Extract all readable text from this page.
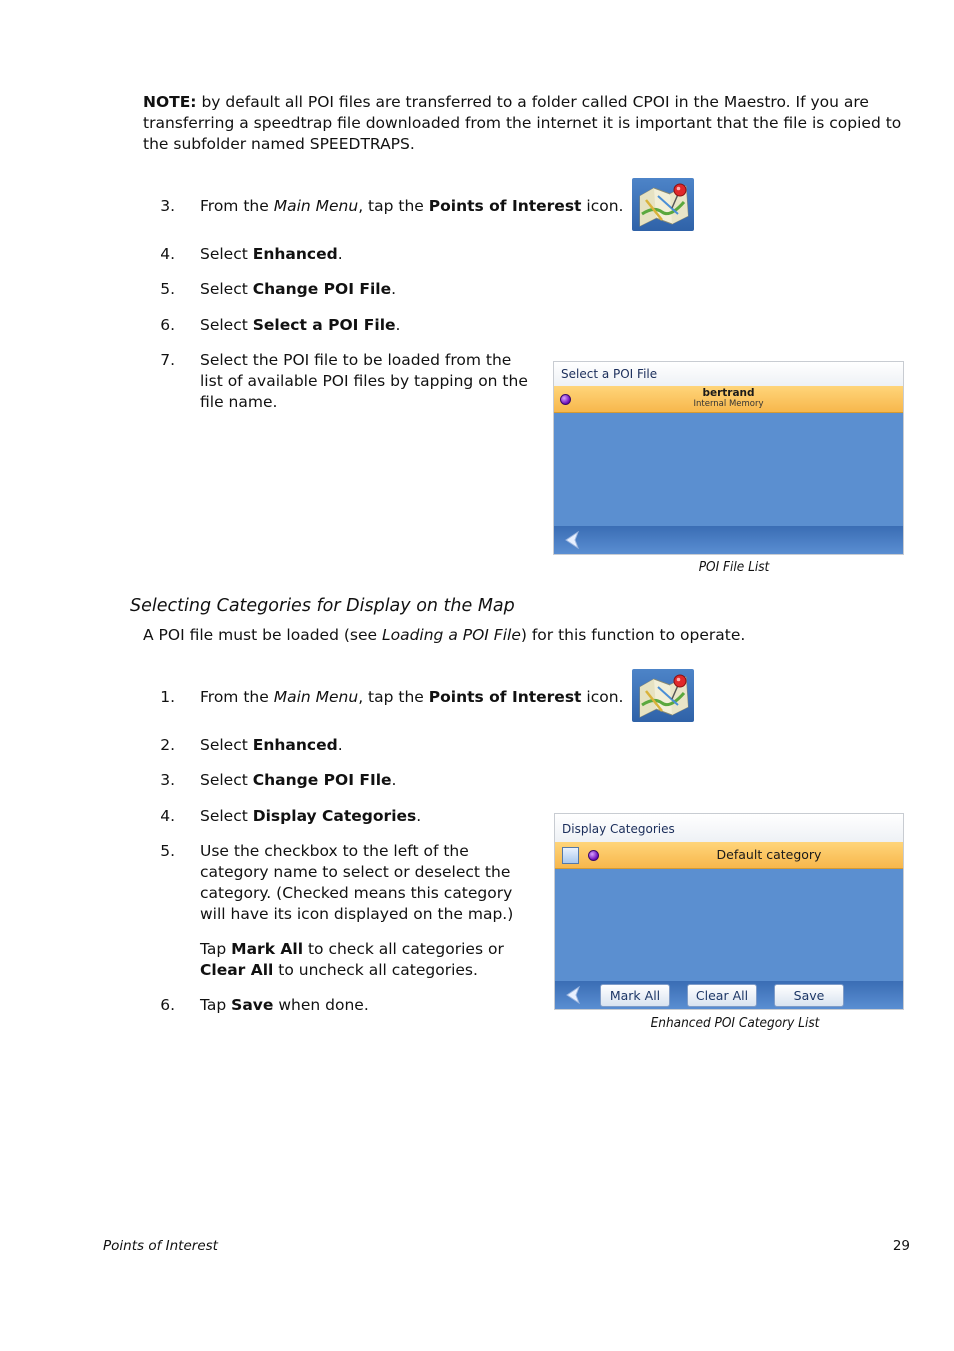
NOTE: by default all POI files are transferred to a folder called CPOI in the Maestro. If you are transferring a speedtrap file downloaded from the internet it is important that the file is copied to the subfolder named SPEEDTRAPS.
3. From the Main Menu, tap the Points of Interest icon.
4. Select Enhanced.
5. Select Change POI File.
6. Select Select a POI File.
7. Select the POI file to be loaded from the list of available POI files by tapping on the file name.
Select a POI File
bertrand
Internal Memory
POI File List
Selecting Categories for Display on the Map
A POI file must be loaded (see Loading a POI File) for this function to operate.
1. From the Main Menu, tap the Points of Interest icon.
2. Select Enhanced.
3. Select Change POI FIle.
4. Select Display Categories.
5. Use the checkbox to the left of the category name to select or deselect the category. (Checked means this category will have its icon displayed on the map.)
Tap Mark All to check all categories or Clear All to uncheck all categories.
6. Tap Save when done.
Display Categories
Default category
Mark All	Clear All	Save
Enhanced POI Category List
Points of Interest	29
